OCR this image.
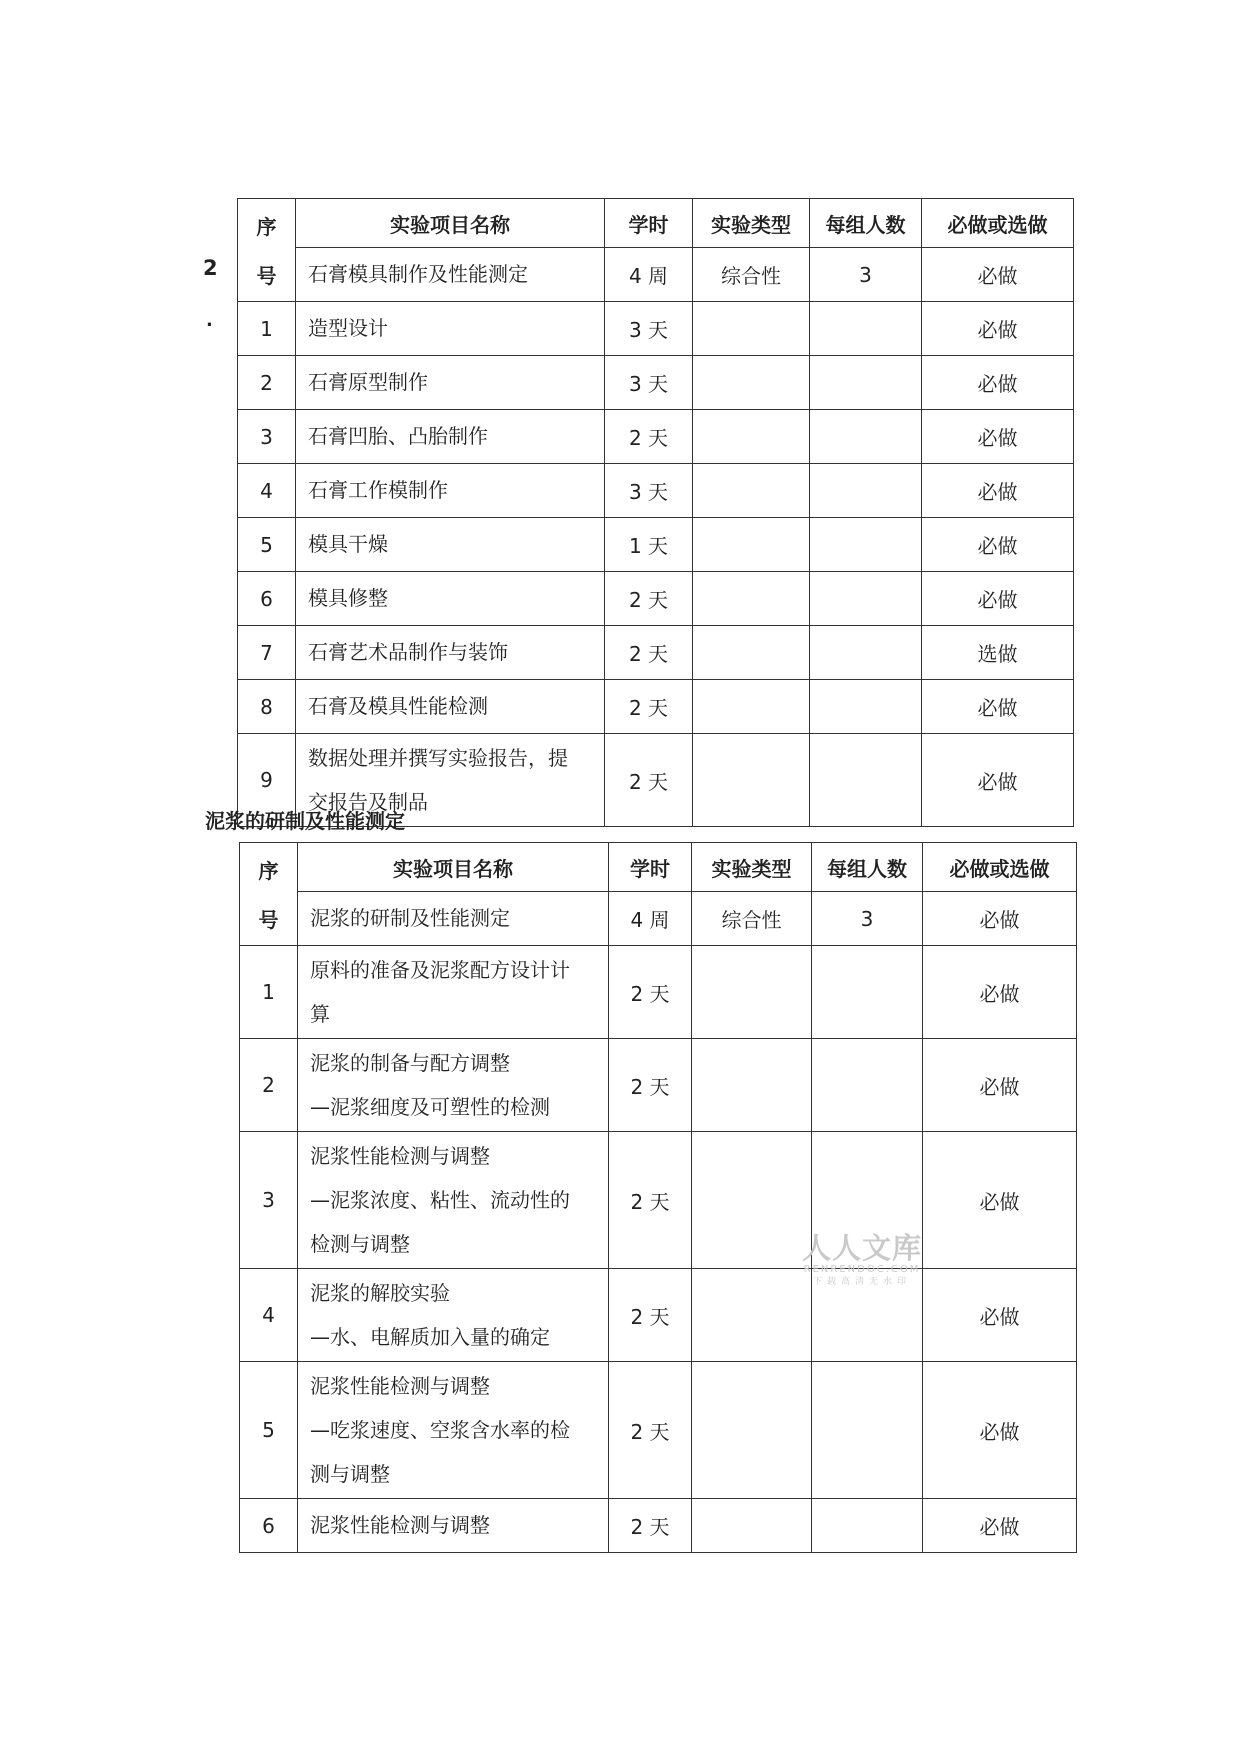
2
.
序	实验项目名称	学时	实验类型	每组人数	必做或选做
号	石膏模具制作及性能测定	4 周	综合性	3	必做
1	造型设计	3 天			必做
2	石膏原型制作	3 天			必做
3	石膏凹胎、凸胎制作	2 天			必做
4	石膏工作模制作	3 天			必做
5	模具干燥	1 天			必做
6	模具修整	2 天			必做
7	石膏艺术品制作与装饰	2 天			选做
8	石膏及模具性能检测	2 天			必做
9	数据处理并撰写实验报告，提
交报告及制品	2 天			必做
泥浆的研制及性能测定
序	实验项目名称	学时	实验类型	每组人数	必做或选做
号	泥浆的研制及性能测定	4 周	综合性	3	必做
1	原料的准备及泥浆配方设计计
算	2 天			必做
2	泥浆的制备与配方调整
—泥浆细度及可塑性的检测	2 天			必做
3	泥浆性能检测与调整
—泥浆浓度、粘性、流动性的
检测与调整	2 天			必做
4	泥浆的解胶实验
—水、电解质加入量的确定	2 天			必做
5	泥浆性能检测与调整
—吃浆速度、空浆含水率的检
测与调整	2 天			必做
6	泥浆性能检测与调整	2 天			必做
人人文库
RENRENDOC.COM
下载高清无水印
